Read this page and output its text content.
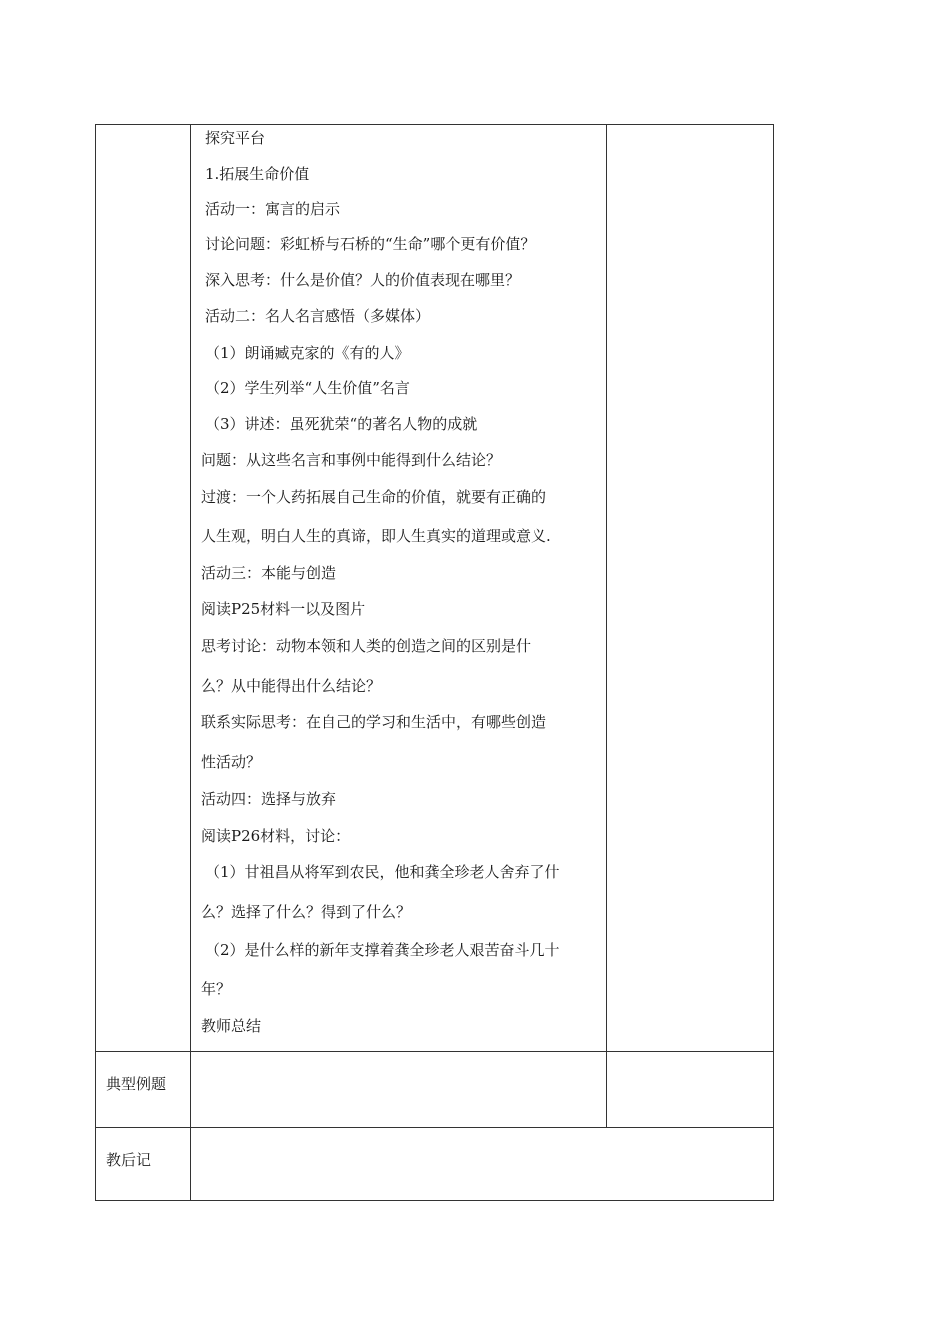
探究平台
1.拓展生命价值
活动一：寓言的启示
讨论问题：彩虹桥与石桥的“生命”哪个更有价值？
深入思考：什么是价值？人的价值表现在哪里？
活动二：名人名言感悟（多媒体）
（1）朗诵臧克家的《有的人》
（2）学生列举“人生价值”名言
（3）讲述：虽死犹荣“的著名人物的成就
问题：从这些名言和事例中能得到什么结论？
过渡：一个人药拓展自己生命的价值，就要有正确的
人生观，明白人生的真谛，即人生真实的道理或意义.
活动三：本能与创造
阅读P25材料一以及图片
思考讨论：动物本领和人类的创造之间的区别是什
么？从中能得出什么结论？
联系实际思考：在自己的学习和生活中，有哪些创造
性活动？
活动四：选择与放弃
阅读P26材料，讨论：
（1）甘祖昌从将军到农民，他和龚全珍老人舍弃了什
么？选择了什么？得到了什么？
（2）是什么样的新年支撑着龚全珍老人艰苦奋斗几十
年？
教师总结
典型例题
教后记
